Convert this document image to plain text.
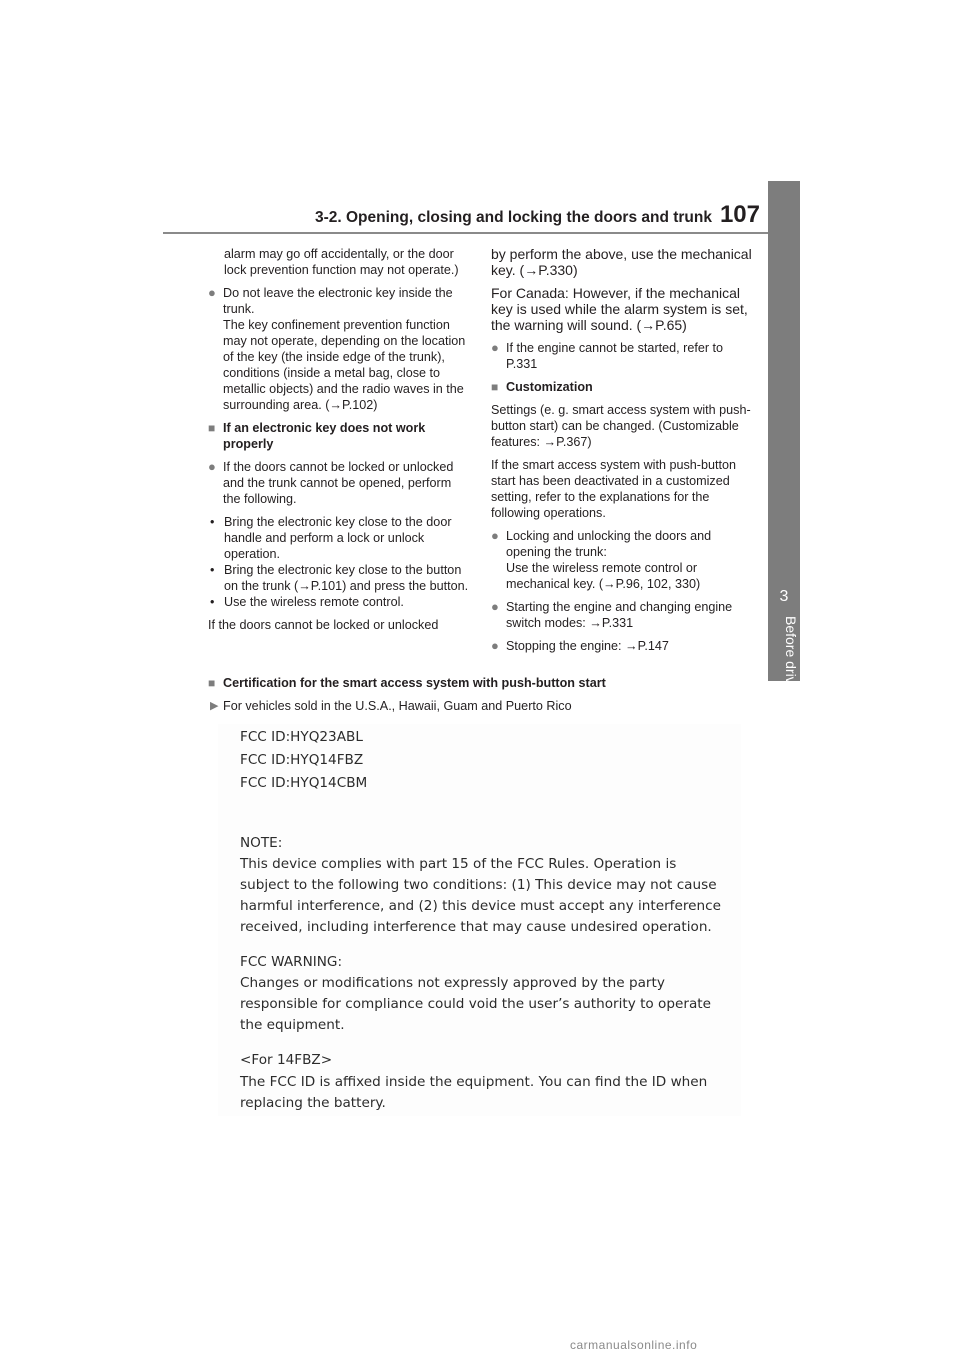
3-2. Opening, closing and locking the doors and trunk 107
3
Before driving
alarm may go off accidentally, or the door lock prevention function may not operate.)
● Do not leave the electronic key inside the trunk.
The key confinement prevention function may not operate, depending on the location of the key (the inside edge of the trunk), conditions (inside a metal bag, close to metallic objects) and the radio waves in the surrounding area. (→P.102)
■ If an electronic key does not work properly
● If the doors cannot be locked or unlocked and the trunk cannot be opened, perform the following.
• Bring the electronic key close to the door handle and perform a lock or unlock operation.
• Bring the electronic key close to the button on the trunk (→P.101) and press the button.
• Use the wireless remote control.
If the doors cannot be locked or unlocked
by perform the above, use the mechanical key. (→P.330)
For Canada: However, if the mechanical key is used while the alarm system is set, the warning will sound. (→P.65)
● If the engine cannot be started, refer to P.331
■ Customization
Settings (e. g. smart access system with push-button start) can be changed. (Customizable features: →P.367)
If the smart access system with push-button start has been deactivated in a customized setting, refer to the explanations for the following operations.
● Locking and unlocking the doors and opening the trunk:
Use the wireless remote control or mechanical key. (→P.96, 102, 330)
● Starting the engine and changing engine switch modes: →P.331
● Stopping the engine: →P.147
■ Certification for the smart access system with push-button start
▶ For vehicles sold in the U.S.A., Hawaii, Guam and Puerto Rico
FCC ID:HYQ23ABL
FCC ID:HYQ14FBZ
FCC ID:HYQ14CBM
NOTE:
This device complies with part 15 of the FCC Rules. Operation is
subject to the following two conditions: (1) This device may not cause
harmful interference, and (2) this device must accept any interference
received, including interference that may cause undesired operation.
FCC WARNING:
Changes or modifications not expressly approved by the party
responsible for compliance could void the user’s authority to operate
the equipment.
<For 14FBZ>
The FCC ID is affixed inside the equipment. You can find the ID when
replacing the battery.
carmanualsonline.info
